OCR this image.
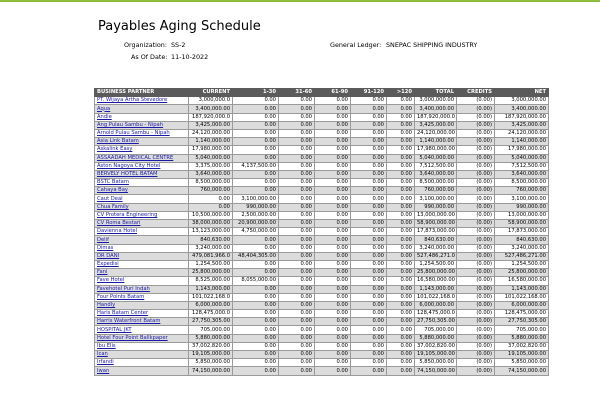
Payables Aging Schedule
Organization: SS-2	General Ledger: SNEPAC SHIPPING INDUSTRY
As Of Date: 11-10-2022
BUSINESS PARTNER	CURRENT	1-30	31-60	61-90	91-120	>120	TOTAL	CREDITS	NET
PT. Wijaya Artha Stevedore	3,000,000.0	0.00	0.00	0.00	0.00	0.00	3,000,000.00	(0.00)	3,000,000.00
Aqua	3,400,000.00	0.00	0.00	0.00	0.00	0.00	3,400,000.00	(0.00)	3,400,000.00
Andie	187,920,000.0	0.00	0.00	0.00	0.00	0.00	187,920,000.0	(0.00)	187,920,000.00
Ang Pulau Sambu - Nipah	3,425,000.00	0.00	0.00	0.00	0.00	0.00	3,425,000.00	(0.00)	3,425,000.00
Arnold Pulau Sambu - Nipah	24,120,000.00	0.00	0.00	0.00	0.00	0.00	24,120,000.00	(0.00)	24,120,000.00
Asia Link Batam	1,140,000.00	0.00	0.00	0.00	0.00	0.00	1,140,000.00	(0.00)	1,140,000.00
Askalink Easy	17,980,000.00	0.00	0.00	0.00	0.00	0.00	17,980,000.00	(0.00)	17,980,000.00
ASSAADAH MEDICAL CENTRE	5,040,000.00	0.00	0.00	0.00	0.00	0.00	5,040,000.00	(0.00)	5,040,000.00
Aston Nagoya City Hotel	3,375,000.00	4,137,500.00	0.00	0.00	0.00	0.00	7,512,500.00	(0.00)	7,512,500.00
BERVELY HOTEL BATAM	3,640,000.00	0.00	0.00	0.00	0.00	0.00	3,640,000.00	(0.00)	3,640,000.00
BSTC Batam	8,500,000.00	0.00	0.00	0.00	0.00	0.00	8,500,000.00	(0.00)	8,500,000.00
Cahaya Bay	760,000.00	0.00	0.00	0.00	0.00	0.00	760,000.00	(0.00)	760,000.00
Caut Deal	0.00	3,100,000.00	0.00	0.00	0.00	0.00	3,100,000.00	(0.00)	3,100,000.00
Chua Family	0.00	990,000.00	0.00	0.00	0.00	0.00	990,000.00	(0.00)	990,000.00
CV Protera Engineering	10,500,000.00	2,500,000.00	0.00	0.00	0.00	0.00	13,000,000.00	(0.00)	13,000,000.00
CV Roma Bestari	38,000,000.00	20,900,000.00	0.00	0.00	0.00	0.00	58,900,000.00	(0.00)	58,900,000.00
Davienna Hotel	13,123,000.00	4,750,000.00	0.00	0.00	0.00	0.00	17,873,000.00	(0.00)	17,873,000.00
Delif	840,630.00	0.00	0.00	0.00	0.00	0.00	840,630.00	(0.00)	840,630.00
Dimas	3,240,000.00	0.00	0.00	0.00	0.00	0.00	3,240,000.00	(0.00)	3,240,000.00
DR DANI	479,081,966.0	48,404,305.00	0.00	0.00	0.00	0.00	527,486,271.0	(0.00)	527,486,271.00
Expedisi	1,254,500.00	0.00	0.00	0.00	0.00	0.00	1,254,500.00	(0.00)	1,254,500.00
Fani	25,800,000.00	0.00	0.00	0.00	0.00	0.00	25,800,000.00	(0.00)	25,800,000.00
Fave Hotel	8,525,000.00	8,055,000.00	0.00	0.00	0.00	0.00	16,580,000.00	(0.00)	16,580,000.00
Favehotel Puri Indah	1,143,000.00	0.00	0.00	0.00	0.00	0.00	1,143,000.00	(0.00)	1,143,000.00
Four Points Batam	101,022,168.0	0.00	0.00	0.00	0.00	0.00	101,022,168.0	(0.00)	101,022,168.00
Handly	6,000,000.00	0.00	0.00	0.00	0.00	0.00	6,000,000.00	(0.00)	6,000,000.00
Haris Batam Center	128,475,000.0	0.00	0.00	0.00	0.00	0.00	128,475,000.0	(0.00)	128,475,000.00
Harris Waterfront Batam	27,750,305.00	0.00	0.00	0.00	0.00	0.00	27,750,305.00	(0.00)	27,750,305.00
HOSPITAL JKT	705,000.00	0.00	0.00	0.00	0.00	0.00	705,000.00	(0.00)	705,000.00
Hotel Four Point Ballkpaper	5,880,000.00	0.00	0.00	0.00	0.00	0.00	5,880,000.00	(0.00)	5,880,000.00
Ibu Elis	37,002,820.00	0.00	0.00	0.00	0.00	0.00	37,002,820.00	(0.00)	37,002,820.00
Ican	19,105,000.00	0.00	0.00	0.00	0.00	0.00	19,105,000.00	(0.00)	19,105,000.00
Irfandi	5,850,000.00	0.00	0.00	0.00	0.00	0.00	5,850,000.00	(0.00)	5,850,000.00
Iwan	74,150,000.00	0.00	0.00	0.00	0.00	0.00	74,150,000.00	(0.00)	74,150,000.00
